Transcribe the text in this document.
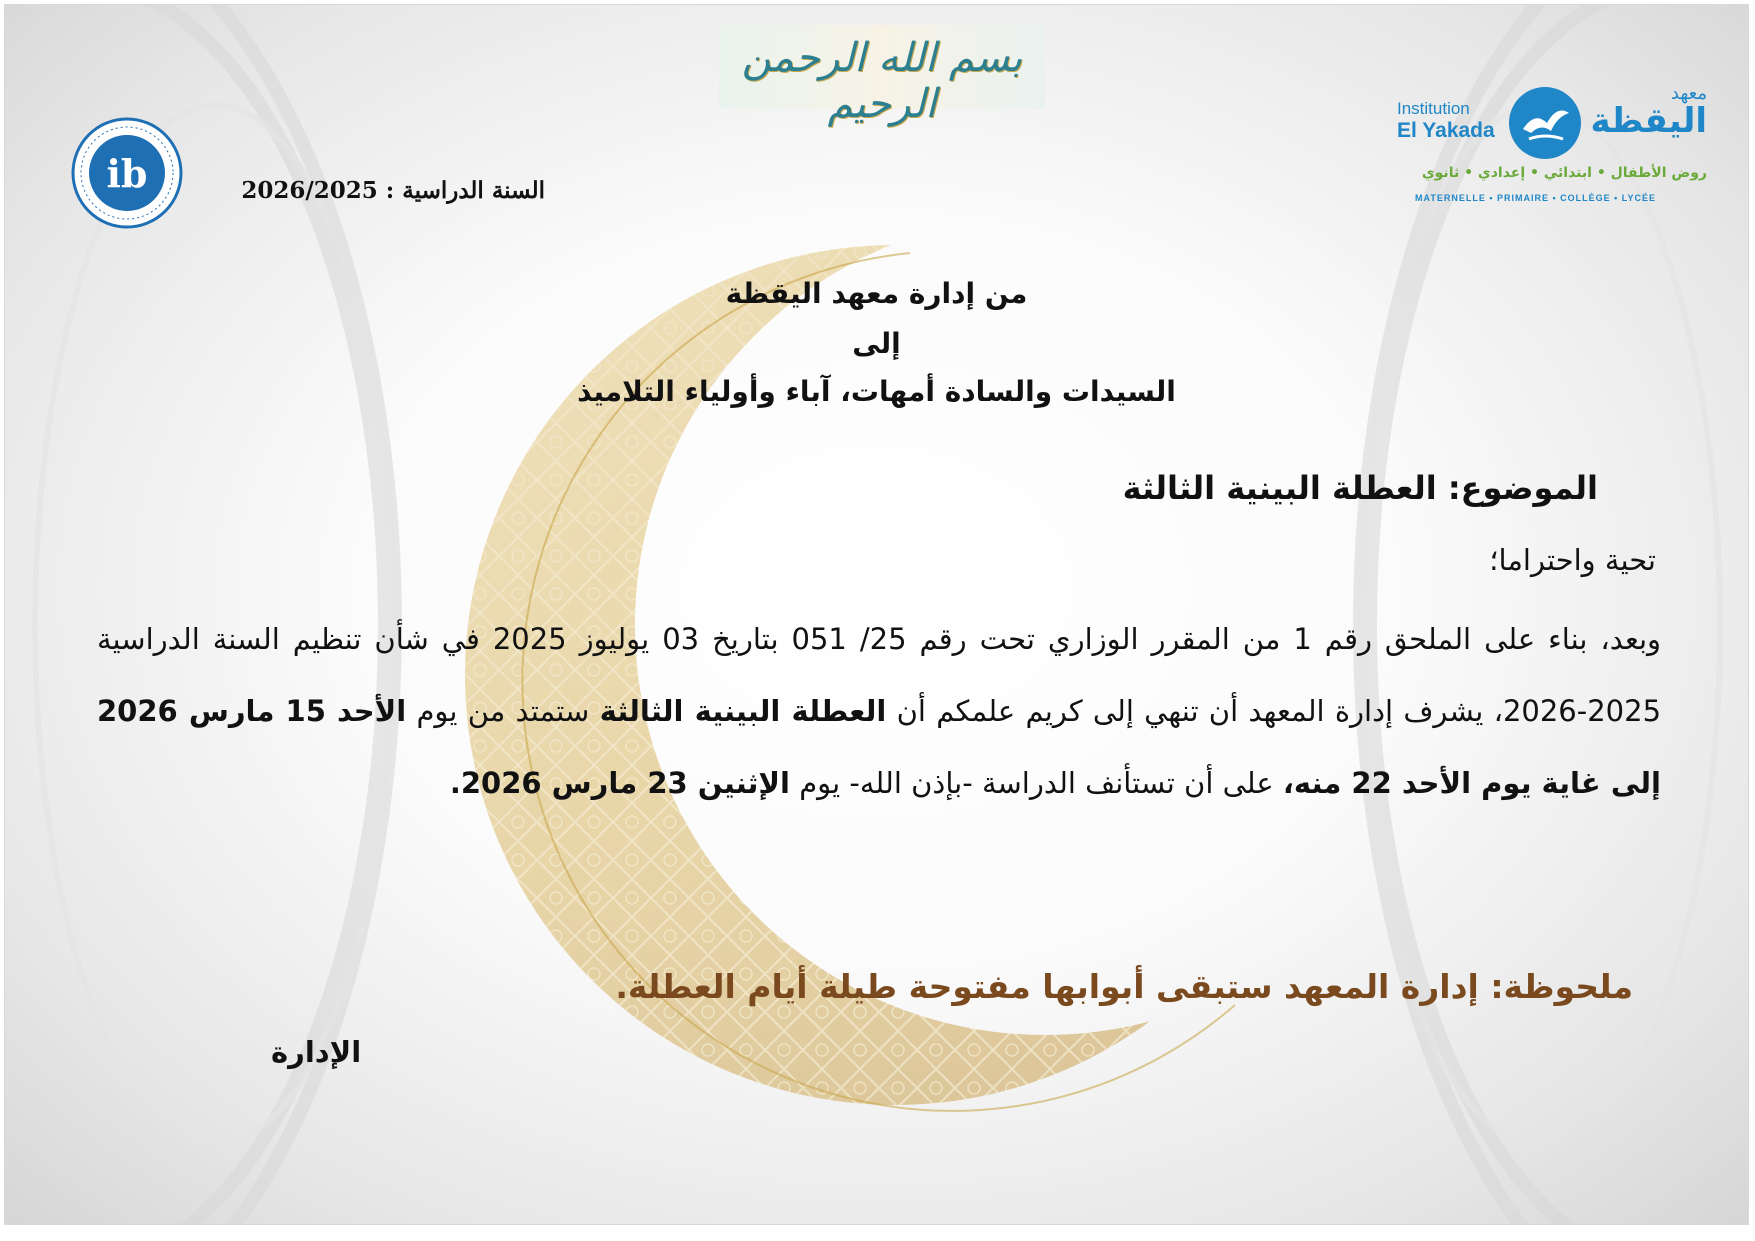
بسم الله الرحمن الرحيم
ib
Institution
El Yakada
معهد
اليقظة
روض الأطفال • ابتدائي • إعدادي • ثانوي
MATERNELLE • PRIMAIRE • COLLÈGE • LYCÉE
السنة الدراسية : 2026/2025
من إدارة معهد اليقظة
إلى
السيدات والسادة أمهات، آباء وأولياء التلاميذ
الموضوع: العطلة البينية الثالثة
تحية واحتراما؛
وبعد، بناء على الملحق رقم 1 من المقرر الوزاري تحت رقم 25/ 051 بتاريخ 03 يوليوز 2025 في شأن تنظيم السنة الدراسية 2025-2026، يشرف إدارة المعهد أن تنهي إلى كريم علمكم أن العطلة البينية الثالثة ستمتد من يوم الأحد 15 مارس 2026 إلى غاية يوم الأحد 22 منه، على أن تستأنف الدراسة -بإذن الله- يوم الإثنين 23 مارس 2026.
ملحوظة: إدارة المعهد ستبقى أبوابها مفتوحة طيلة أيام العطلة.
الإدارة
